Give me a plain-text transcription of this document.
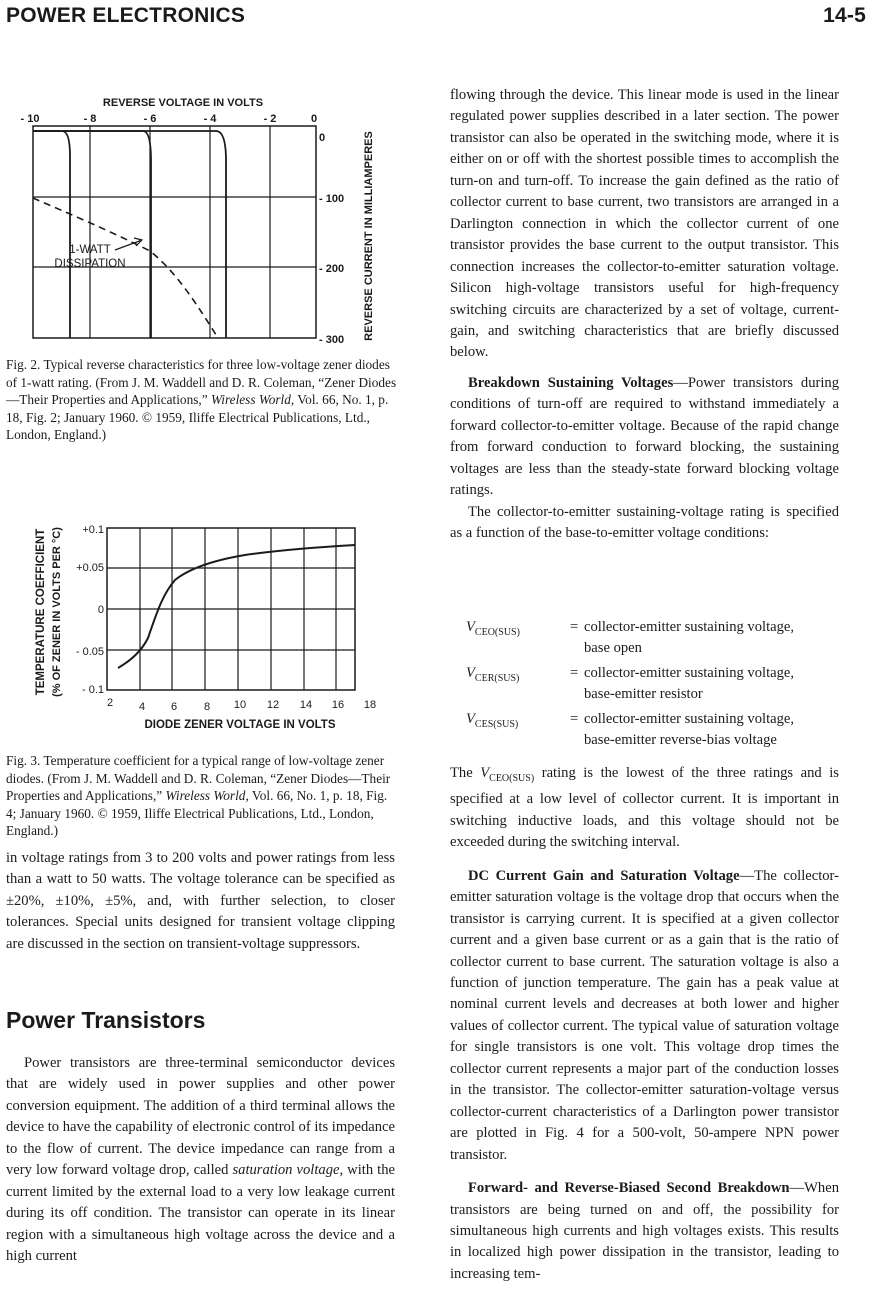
POWER ELECTRONICS	14-5
REVERSE VOLTAGE IN VOLTS
- 10	- 8	- 6	- 4	- 2	0
1-WATT
DISSIPATION
0
- 100
- 200
- 300 REVERSE CURRENT IN MILLIAMPERES
Fig. 2. Typical reverse characteristics for three low-voltage zener diodes of 1-watt rating. (From J. M. Waddell and D. R. Coleman, “Zener Diodes—Their Properties and Applications,” Wireless World, Vol. 66, No. 1, p. 18, Fig. 2; January 1960. © 1959, Iliffe Electrical Publications, Ltd., London, England.)
TEMPERATURE COEFFICIENT (% OF ZENER IN VOLTS PER °C) +0.1
+0.05
0
- 0.05
- 0.1
2 4 6 8 10 12 14 16 18
DIODE ZENER VOLTAGE IN VOLTS
Fig. 3. Temperature coefficient for a typical range of low-voltage zener diodes. (From J. M. Waddell and D. R. Coleman, “Zener Diodes—Their Properties and Applications,” Wireless World, Vol. 66, No. 1, p. 18, Fig. 4; January 1960. © 1959, Iliffe Electrical Publications, Ltd., London, England.)

in voltage ratings from 3 to 200 volts and power ratings from less than a watt to 50 watts. The voltage tolerance can be specified as ±20%, ±10%, ±5%, and, with further selection, to closer tolerances. Special units designed for transient voltage clipping are discussed in the section on transient-voltage suppressors.

Power Transistors

Power transistors are three-terminal semiconductor devices that are widely used in power supplies and other power conversion equipment. The addition of a third terminal allows the device to have the capability of electronic control of its impedance to the flow of current. The device impedance can range from a very low forward voltage drop, called saturation voltage, with the current limited by the external load to a very low leakage current during its off condition. The transistor can operate in its linear region with a simultaneous high voltage across the device and a high current

flowing through the device. This linear mode is used in the linear regulated power supplies described in a later section. The power transistor can also be operated in the switching mode, where it is either on or off with the shortest possible times to accomplish the turn-on and turn-off. To increase the gain defined as the ratio of collector current to base current, two transistors are arranged in a Darlington connection in which the collector current of one transistor provides the base current to the output transistor. This connection increases the collector-to-emitter saturation voltage. Silicon high-voltage transistors useful for high-frequency switching circuits are characterized by a set of voltage, current-gain, and switching characteristics that are briefly discussed below.

Breakdown Sustaining Voltages—Power transistors during conditions of turn-off are required to withstand immediately a forward collector-to-emitter voltage. Because of the rapid change from forward conduction to forward blocking, the sustaining voltages are less than the steady-state forward blocking voltage ratings.

The collector-to-emitter sustaining-voltage rating is specified as a function of the base-to-emitter voltage conditions:

$V_{CEO(SUS)}$	= collector-emitter sustaining voltage,
base open
$V_{CER(SUS)}$	= collector-emitter sustaining voltage,
base-emitter resistor
$V_{CES(SUS)}$	= collector-emitter sustaining voltage,
base-emitter reverse-bias voltage

The $V_{CEO(SUS)}$ rating is the lowest of the three ratings and is specified at a low level of collector current. It is important in switching inductive loads, and this voltage should not be exceeded during the switching interval.

DC Current Gain and Saturation Voltage—The collector-emitter saturation voltage is the voltage drop that occurs when the transistor is carrying current. It is specified at a given collector current and a given base current or as a gain that is the ratio of collector current to base current. The saturation voltage is also a function of junction temperature. The gain has a peak value at nominal current levels and decreases at both lower and higher values of collector current. The typical value of saturation voltage for single transistors is one volt. This voltage drop times the collector current represents a major part of the conduction losses in the transistor. The collector-emitter saturation-voltage versus collector-current characteristics of a Darlington power transistor are plotted in Fig. 4 for a 500-volt, 50-ampere NPN power transistor.

Forward- and Reverse-Biased Second Breakdown—When transistors are being turned on and off, the possibility for simultaneous high currents and high voltages exists. This results in localized high power dissipation in the transistor, leading to increasing tem-
